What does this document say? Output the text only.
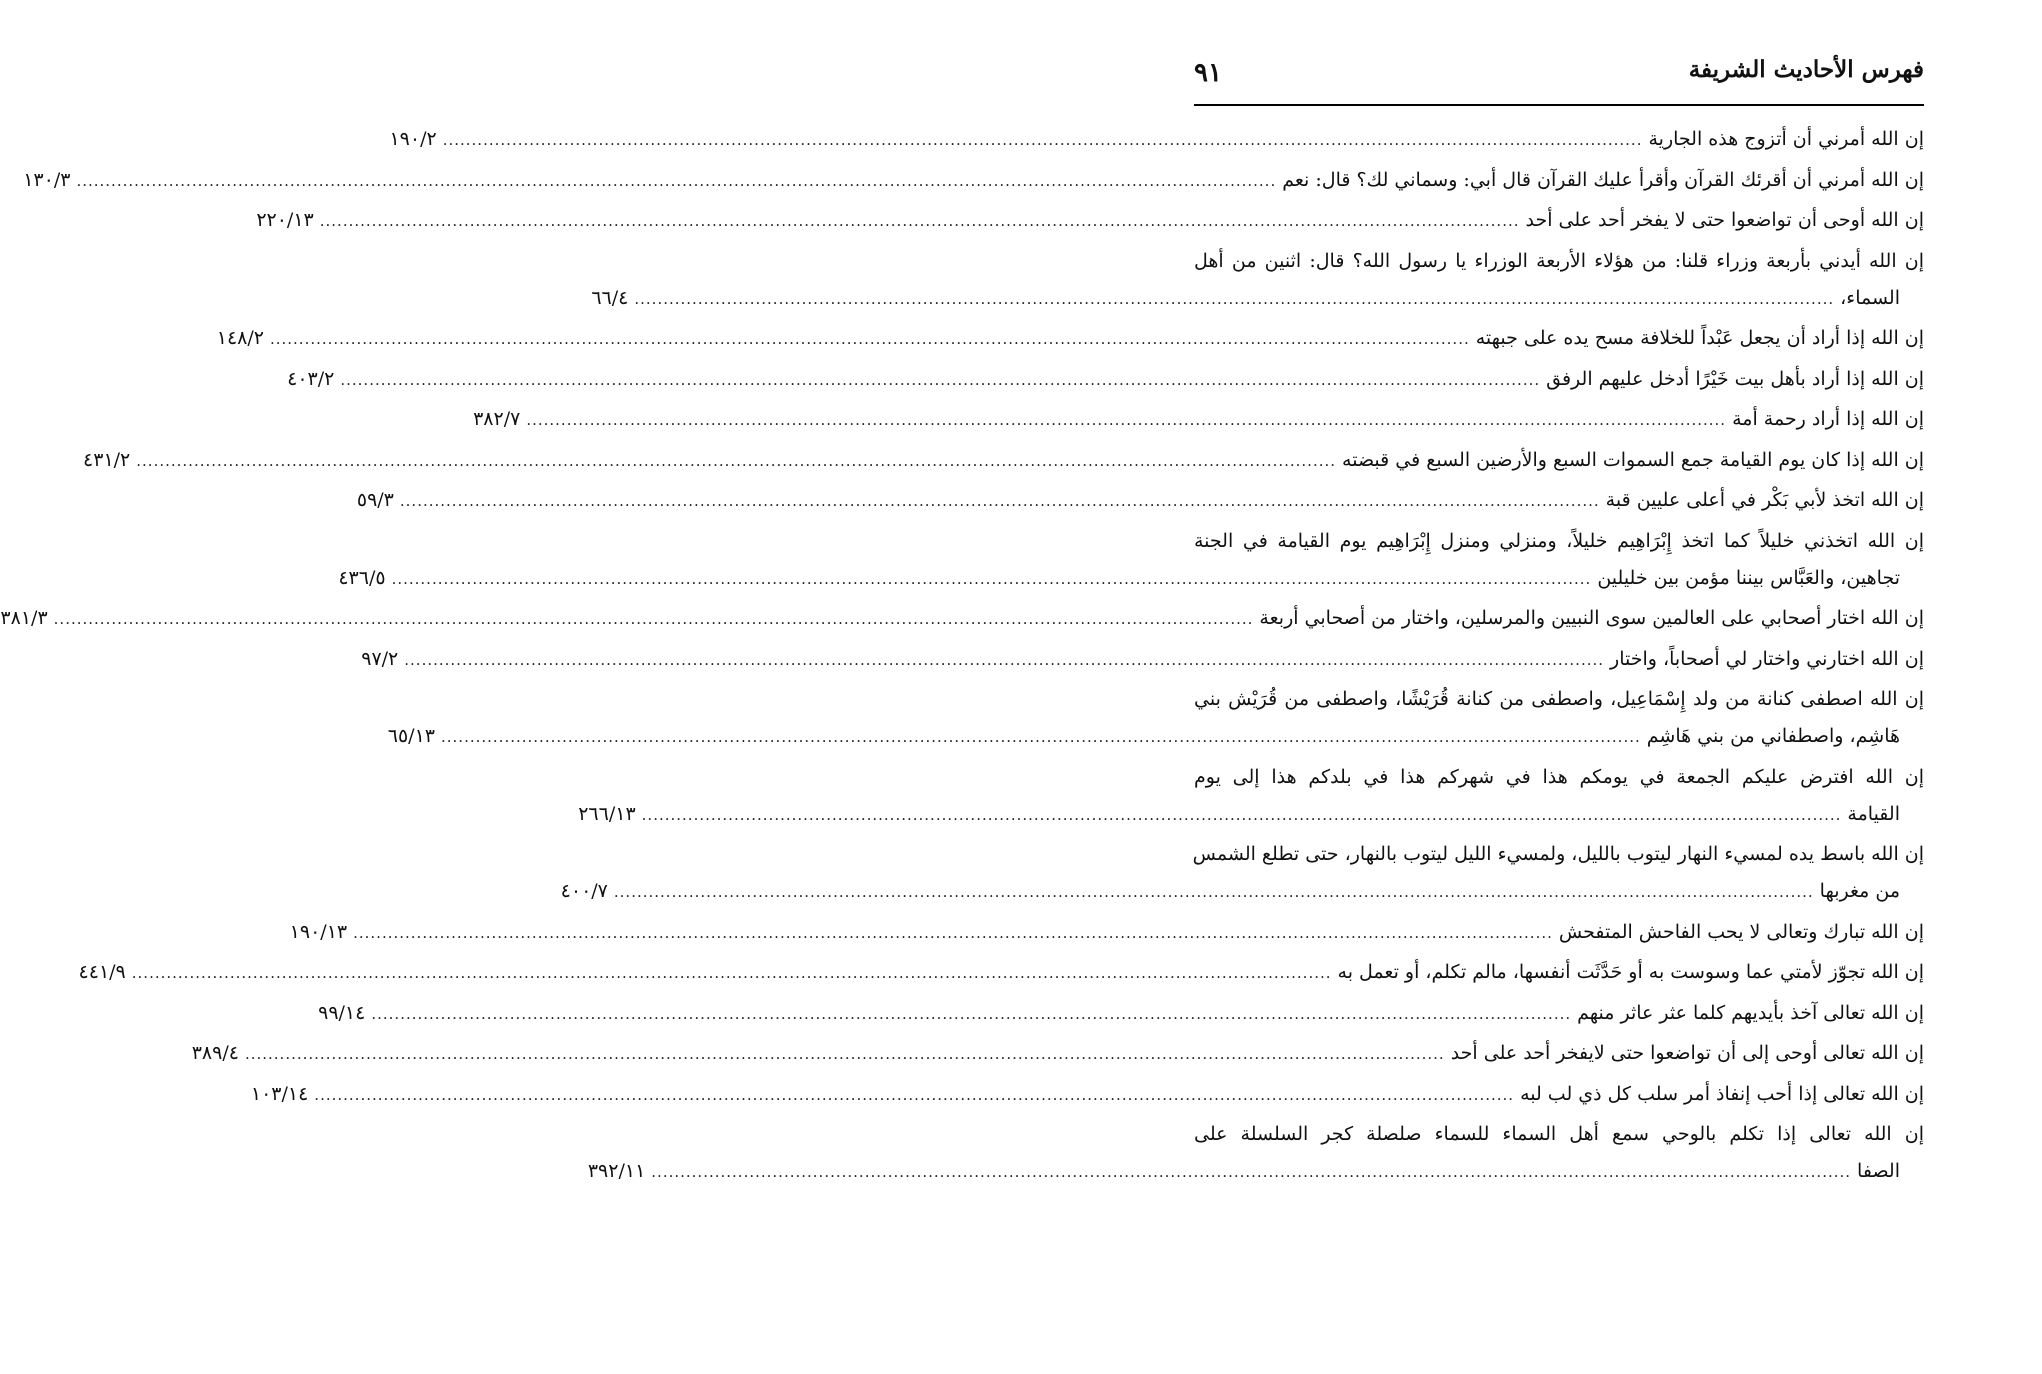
فهرس الأحاديث الشريفة
٩١
إن الله أمرني أن أتزوج هذه الجارية
.....
١٩٠/٢
إن الله أمرني أن أقرئك القرآن وأقرأ عليك القرآن قال أبي: وسماني لك؟ قال: نعم
.....
١٣٠/٣
إن الله أوحى أن تواضعوا حتى لا يفخر أحد على أحد
.....
٢٢٠/١٣
إن الله أيدني بأربعة وزراء قلنا: من هؤلاء الأربعة الوزراء يا رسول الله؟ قال: اثنين من أهل
السماء،
.....
٦٦/٤
إن الله إذا أراد أن يجعل عَبْداً للخلافة مسح يده على جبهته
.....
١٤٨/٢
إن الله إذا أراد بأهل بيت خَيْرًا أدخل عليهم الرفق
.....
٤٠٣/٢
إن الله إذا أراد رحمة أمة
.....
٣٨٢/٧
إن الله إذا كان يوم القيامة جمع السموات السبع والأرضين السبع في قبضته
.....
٤٣١/٢
إن الله اتخذ لأبي بَكْر في أعلى عليين قبة
.....
٥٩/٣
إن الله اتخذني خليلاً كما اتخذ إِبْرَاهِيم خليلاً، ومنزلي ومنزل إِبْرَاهِيم يوم القيامة في الجنة
تجاهين، والعَبَّاس بيننا مؤمن بين خليلين
.....
٤٣٦/٥
إن الله اختار أصحابي على العالمين سوى النبيين والمرسلين، واختار من أصحابي أربعة
.....
٣٨١/٣
إن الله اختارني واختار لي أصحاباً، واختار
.....
٩٧/٢
إن الله اصطفى كنانة من ولد إِسْمَاعِيل، واصطفى من كنانة قُرَيْشًا، واصطفى من قُرَيْش بني
هَاشِم، واصطفاني من بني هَاشِم
.....
٦٥/١٣
إن الله افترض عليكم الجمعة في يومكم هذا في شهركم هذا في بلدكم هذا إلى يوم
القيامة
.....
٢٦٦/١٣
إن الله باسط يده لمسيء النهار ليتوب بالليل، ولمسيء الليل ليتوب بالنهار، حتى تطلع الشمس
من مغربها
.....
٤٠٠/٧
إن الله تبارك وتعالى لا يحب الفاحش المتفحش
.....
١٩٠/١٣
إن الله تجوّز لأمتي عما وسوست به أو حَدَّثَت أنفسها، مالم تكلم، أو تعمل به
.....
٤٤١/٩
إن الله تعالى آخذ بأيديهم كلما عثر عاثر منهم
.....
٩٩/١٤
إن الله تعالى أوحى إلى أن تواضعوا حتى لايفخر أحد على أحد
.....
٣٨٩/٤
إن الله تعالى إذا أحب إنفاذ أمر سلب كل ذي لب لبه
.....
١٠٣/١٤
إن الله تعالى إذا تكلم بالوحي سمع أهل السماء للسماء صلصلة كجر السلسلة على
الصفا
.....
٣٩٢/١١
